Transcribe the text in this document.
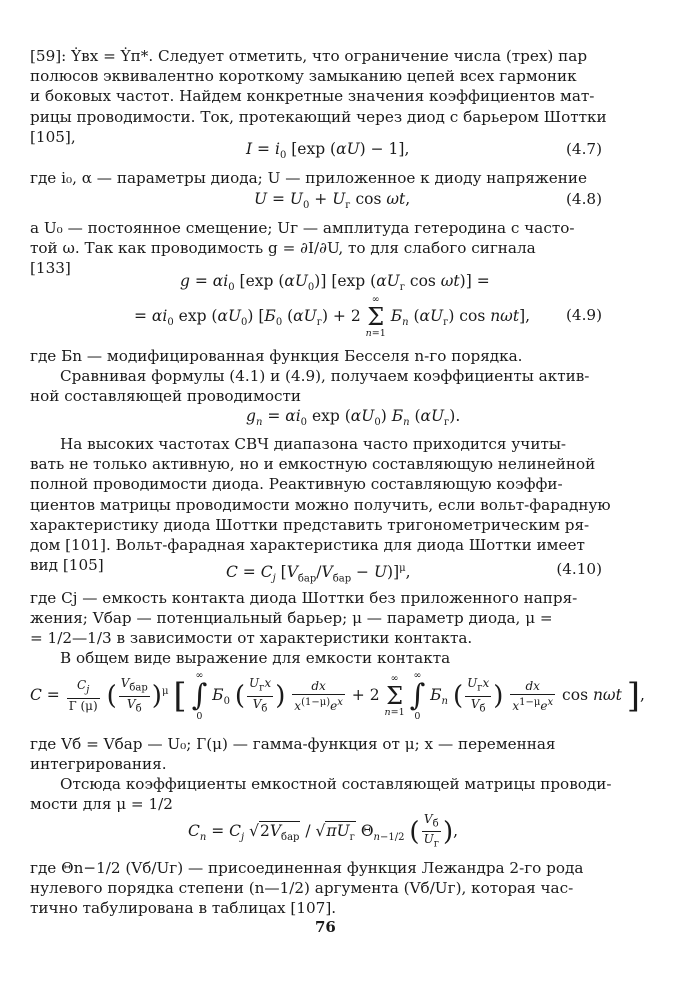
[59]: Ẏвх = Ẏп*. Следует отметить, что ограничение числа (трех) пар
полюсов эквивалентно короткому замыканию цепей всех гармоник
и боковых частот. Найдем конкретные значения коэффициентов мат-
рицы проводимости. Ток, протекающий через диод с барьером Шоттки
[105],
$I = i_0$ [exp (αU) − 1],	(4.7)
где i₀, α — параметры диода; U — приложенное к диоду напряжение
$U = U_0 + U_г$ cos ωt,	(4.8)
а U₀ — постоянное смещение; Uг — амплитуда гетеродина с часто-
той ω. Так как проводимость g = ∂I/∂U, то для слабого сигнала
[133]
$g = \alpha i_0$ [exp $(\alpha U_0)$] [exp ($\alpha U_г$ cos ωt)] =
= $\alpha i_0$ $\exp (\alpha U_0)$ [$Б_0$ $(\alpha U_г) + 2$
∞
Σ
n=1
$Б_n$ $(\alpha U_г)$ cos nωt], (4.9)
где Бn — модифицированная функция Бесселя n-го порядка.
Сравнивая формулы (4.1) и (4.9), получаем коэффициенты актив-
ной составляющей проводимости
$g_n = \alpha i_0$ $\exp (\alpha U_0)$ $Б_n$ $(\alpha U_г)$.
На высоких частотах СВЧ диапазона часто приходится учиты-
вать не только активную, но и емкостную составляющую нелинейной
полной проводимости диода. Реактивную составляющую коэффи-
циентов матрицы проводимости можно получить, если вольт-фарадную
характеристику диода Шоттки представить тригонометрическим ря-
дом [101]. Вольт-фарадная характеристика для диода Шоттки имеет
вид [105]	$C = C_j$ $[V_{бар}/V_{бар} - U)]^\mu$,	(4.10)
где Cj — емкость контакта диода Шоттки без приложенного напря-
жения; Vбар — потенциальный барьер; μ — параметр диода, μ =
= 1/2—1/3 в зависимости от характеристики контакта.
В общем виде выражение для емкости контакта
$C = \frac{C_j}{Г (\mu)}$ ( $\frac{V_{бар}}{V_б} )^\mu$ [
∞
∫
0
$Б_0$ ( $\frac{U_гx}{V_б}$ ) $\frac{dx}{x^{(1-\mu)}e^x} + 2$
∞
Σ
n=1

∞
∫
0
$Б_n$ ( $\frac{U_гx}{V_б}$ ) $\frac{dx}{x^{1-\mu}e^x}$ cos nωt ],
где Vб = Vбар — U₀; Г(μ) — гамма-функция от μ; x — переменная
интегрирования.
Отсюда коэффициенты емкостной составляющей матрицы проводи-
мости для μ = 1/2
$C_n = C_j$ $√2V_{бар} / √\pi U_г$ $\Theta_{n-1/2}$ ( $\frac{V_б}{U_г}$ ),
где Θn−1/2 (Vб/Uг) — присоединенная функция Лежандра 2-го рода
нулевого порядка степени (n—1/2) аргумента (Vб/Uг), которая час-
тично табулирована в таблицах [107].
76
